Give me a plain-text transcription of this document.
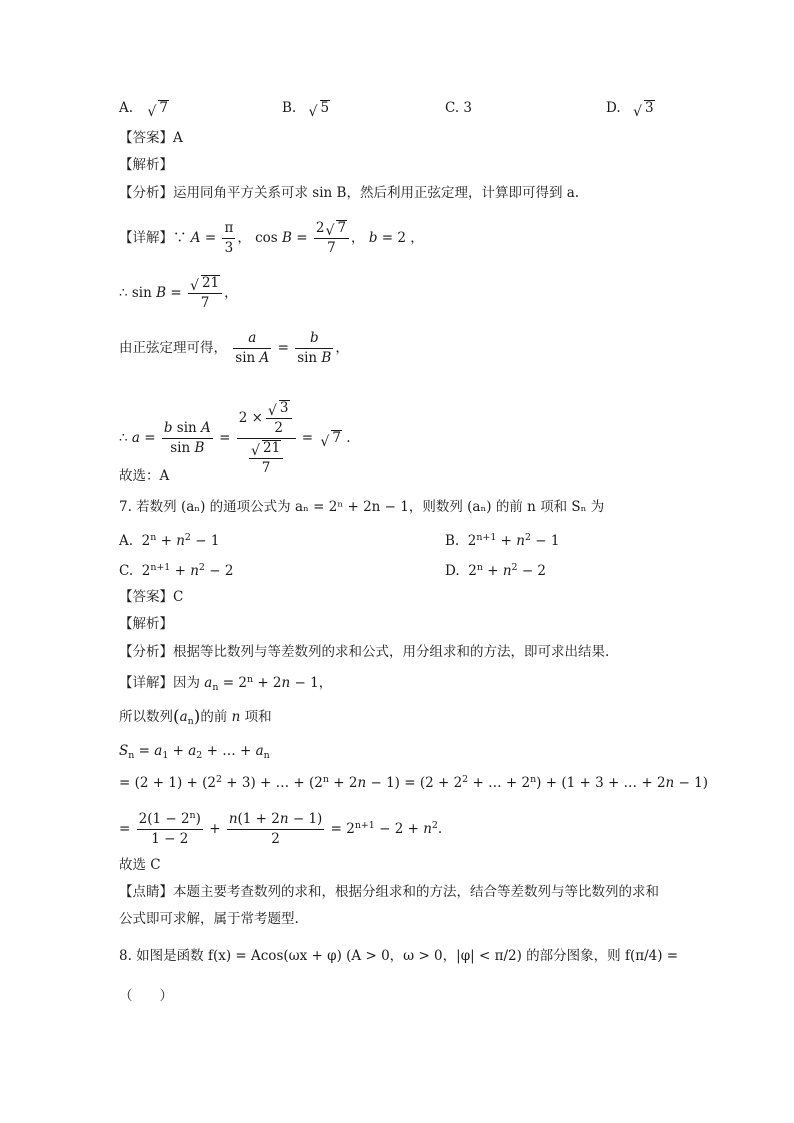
A. √ 7	B. √ 5	C. 3	D. √ 3
【答案】A
【解析】
【分析】运用同角平方关系可求 sin B，然后利用正弦定理，计算即可得到 a.
【详解】∵ $A = \frac{\pi}{3}$ ， $\cos B = \frac{2 √ 7}{7}$ ， b = 2 ，
∴ $\sin B = \frac{√ 21}{7}$ ，
由正弦定理可得， $\frac{a}{\text{sin A}} = \frac{b}{\text{sin B}}$ ，
∴ $a = \frac{\text{b sin A}}{\text{sin B}} = \frac{2 \times \frac{√ 3}{2}}{\frac{√ 21}{7}}$ = √ 7 .
故选：A
7. 若数列 (aₙ) 的通项公式为 aₙ = 2ⁿ + 2n − 1，则数列 (aₙ) 的前 n 项和 Sₙ 为
A.  $2^n + n^2 - 1$	B.  $2^{n+1} + n^2 - 1$
C.  $2^{n+1} + n^2 - 2$	D.  $2^n + n^2 - 2$
【答案】C
【解析】
【分析】根据等比数列与等差数列的求和公式，用分组求和的方法，即可求出结果.
【详解】因为 $a_n = 2^n + 2n - 1$，
所以数列$(a_n)$的前 n 项和
$S_n = a_1 + a_2$ + … + $a_n$
= $(2 + 1) + (2^2 + 3)$ + … + $(2^n + 2n - 1) = (2 + 2^2$ + … + $2^n) + (1 + 3$ + … + 2n − 1)
= $\frac{2(1 - 2^n)}{1 - 2} + \frac{n(1 + 2n - 1)}{2} = 2^{n+1} - 2 + n^2$.
故选 C
【点睛】本题主要考查数列的求和，根据分组求和的方法，结合等差数列与等比数列的求和
公式即可求解，属于常考题型.
8. 如图是函数 f(x) = Acos(ωx + φ) (A > 0，ω > 0，|φ| < π/2) 的部分图象，则 f(π/4) =
（　　）
